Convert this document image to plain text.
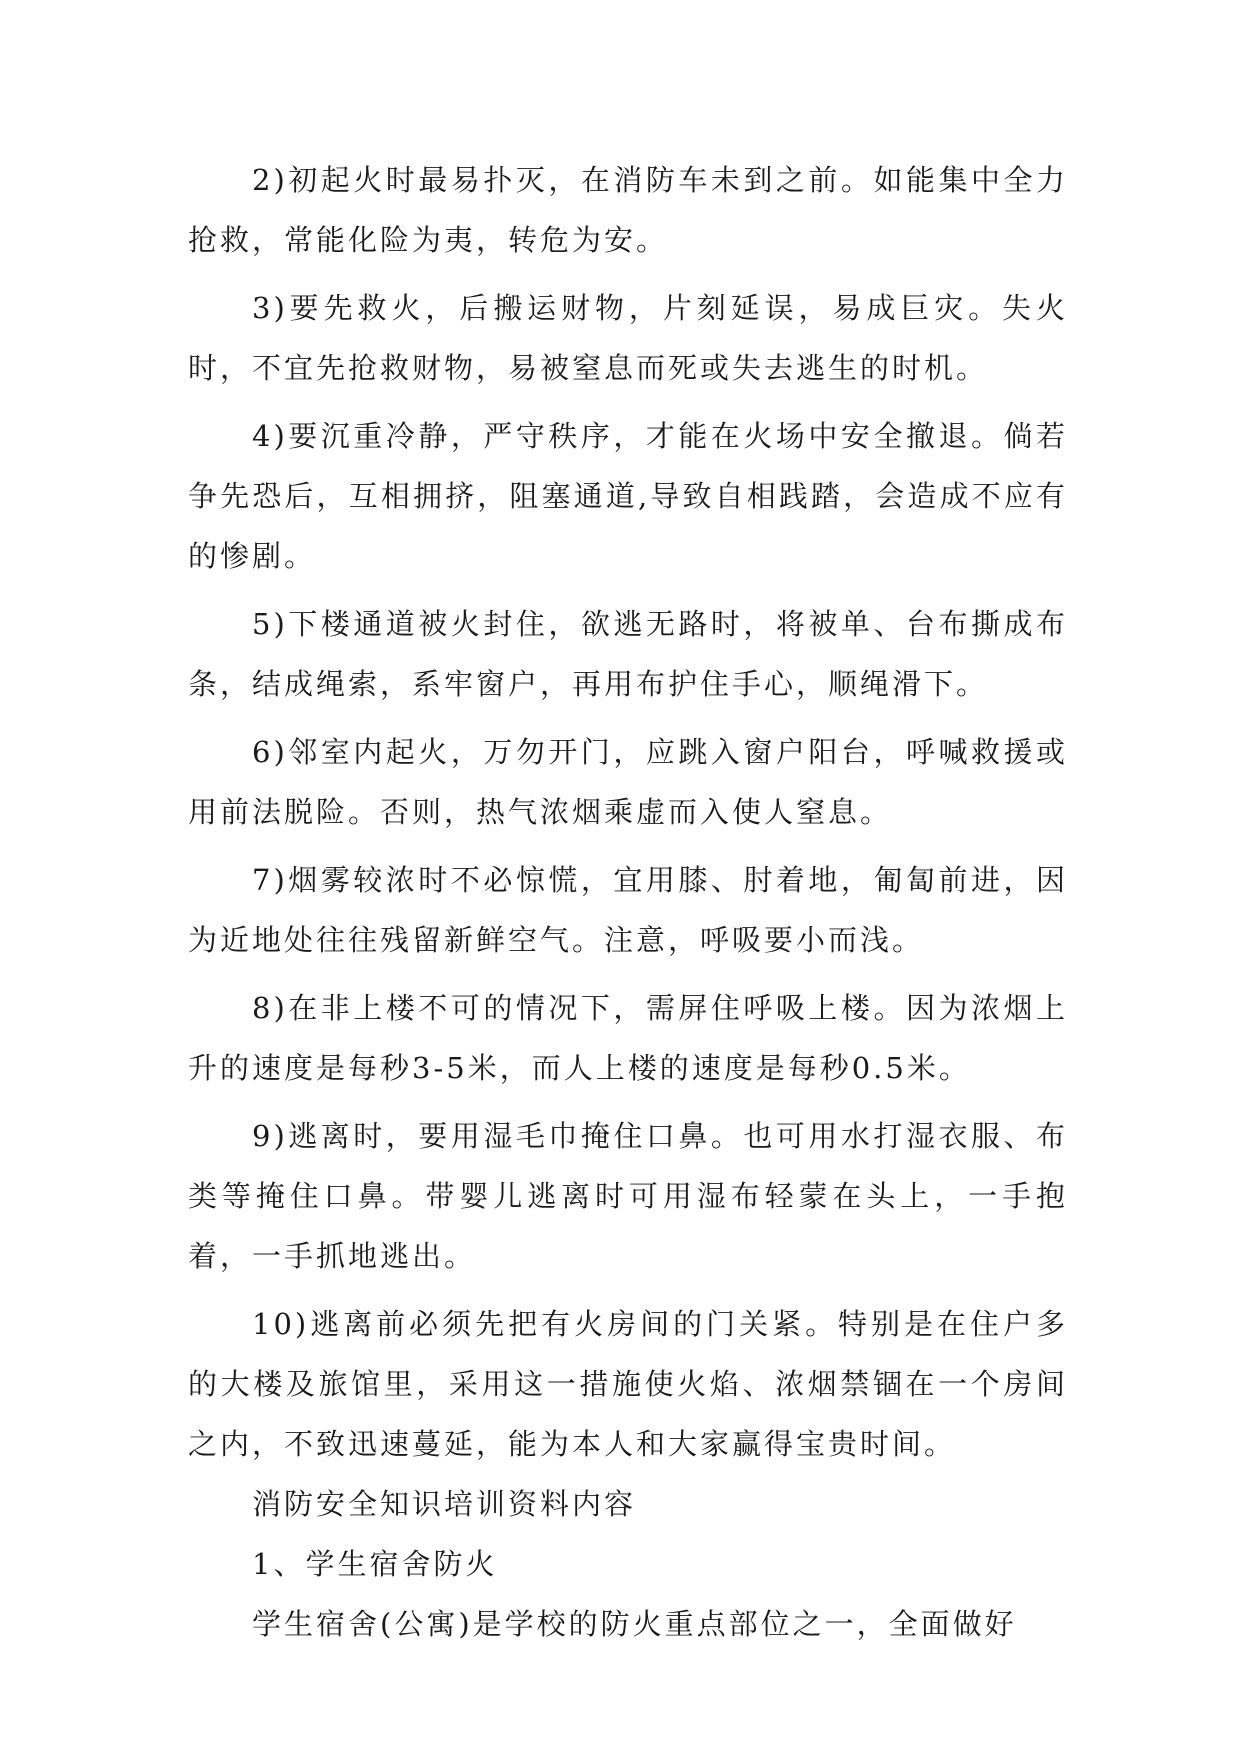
2)初起火时最易扑灭，在消防车未到之前。如能集中全力抢救，常能化险为夷，转危为安。

3)要先救火，后搬运财物，片刻延误，易成巨灾。失火时，不宜先抢救财物，易被窒息而死或失去逃生的时机。

4)要沉重冷静，严守秩序，才能在火场中安全撤退。倘若争先恐后，互相拥挤，阻塞通道,导致自相践踏，会造成不应有的惨剧。

5)下楼通道被火封住，欲逃无路时，将被单、台布撕成布条，结成绳索，系牢窗户，再用布护住手心，顺绳滑下。

6)邻室内起火，万勿开门，应跳入窗户阳台，呼喊救援或用前法脱险。否则，热气浓烟乘虚而入使人窒息。

7)烟雾较浓时不必惊慌，宜用膝、肘着地，匍匐前进，因为近地处往往残留新鲜空气。注意，呼吸要小而浅。

8)在非上楼不可的情况下，需屏住呼吸上楼。因为浓烟上升的速度是每秒3-5米，而人上楼的速度是每秒0.5米。

9)逃离时，要用湿毛巾掩住口鼻。也可用水打湿衣服、布类等掩住口鼻。带婴儿逃离时可用湿布轻蒙在头上，一手抱着，一手抓地逃出。

10)逃离前必须先把有火房间的门关紧。特别是在住户多的大楼及旅馆里，采用这一措施使火焰、浓烟禁锢在一个房间之内，不致迅速蔓延，能为本人和大家赢得宝贵时间。

消防安全知识培训资料内容

1、学生宿舍防火

学生宿舍(公寓)是学校的防火重点部位之一，全面做好
